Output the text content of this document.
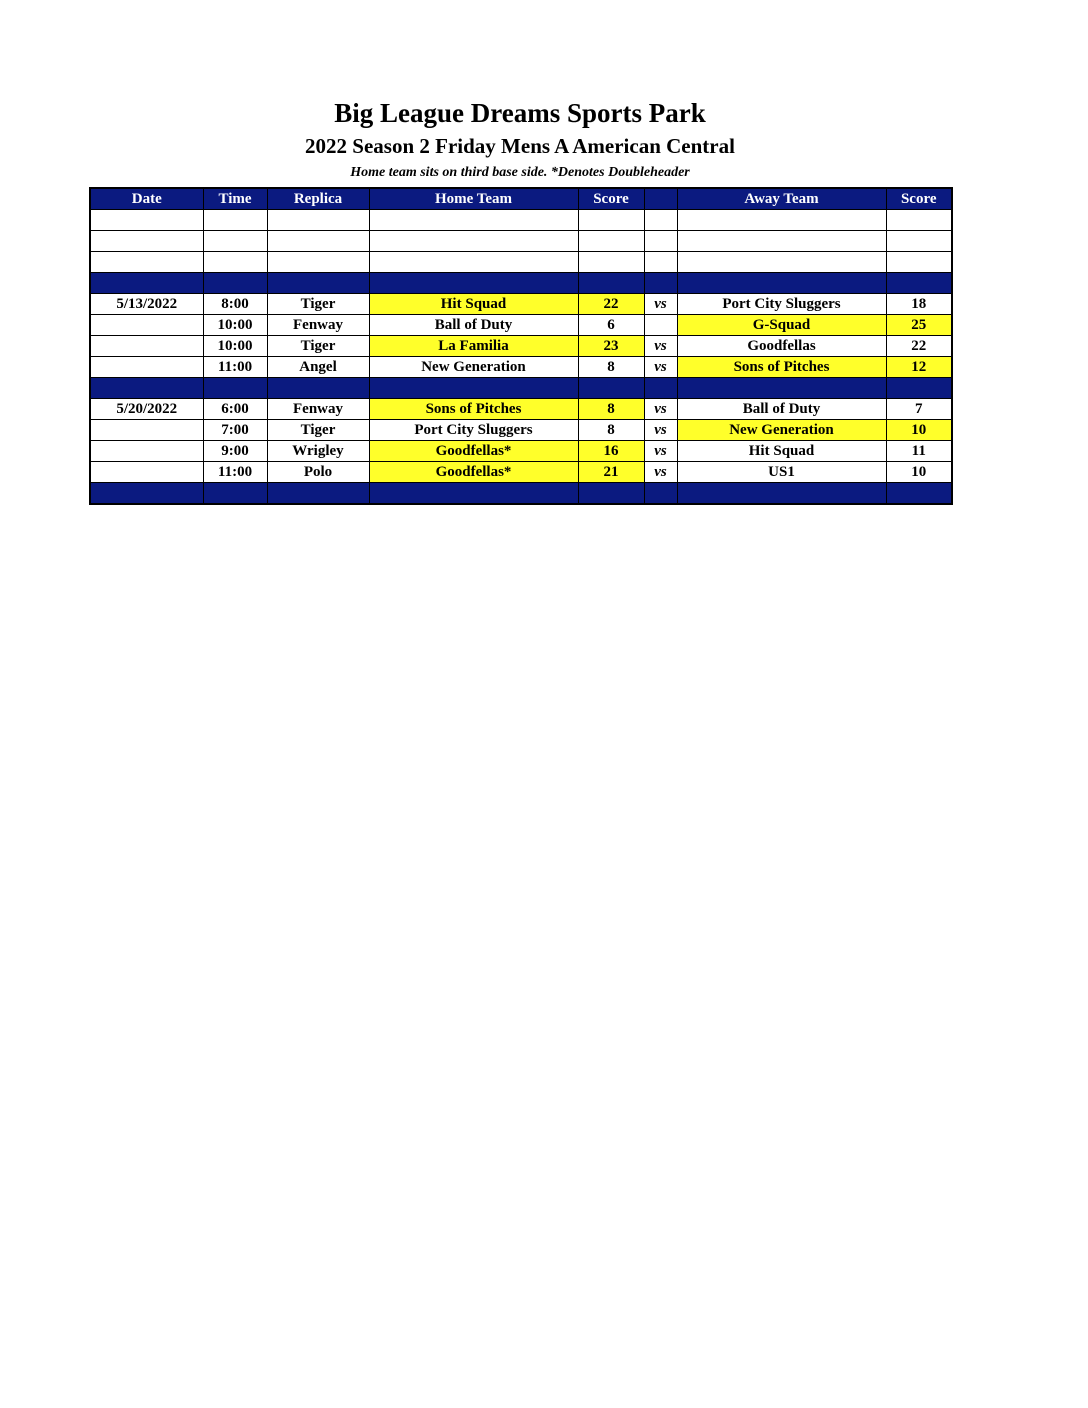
Big League Dreams Sports Park
2022 Season 2 Friday Mens A American Central
Home team sits on third base side. *Denotes Doubleheader
Date	Time	Replica	Home Team	Score		Away Team	Score

5/13/2022	8:00	Tiger	Hit Squad	22	vs	Port City Sluggers	18
	10:00	Fenway	Ball of Duty	6		G-Squad	25
	10:00	Tiger	La Familia	23	vs	Goodfellas	22
	11:00	Angel	New Generation	8	vs	Sons of Pitches	12

5/20/2022	6:00	Fenway	Sons of Pitches	8	vs	Ball of Duty	7
	7:00	Tiger	Port City Sluggers	8	vs	New Generation	10
	9:00	Wrigley	Goodfellas*	16	vs	Hit Squad	11
	11:00	Polo	Goodfellas*	21	vs	US1	10
